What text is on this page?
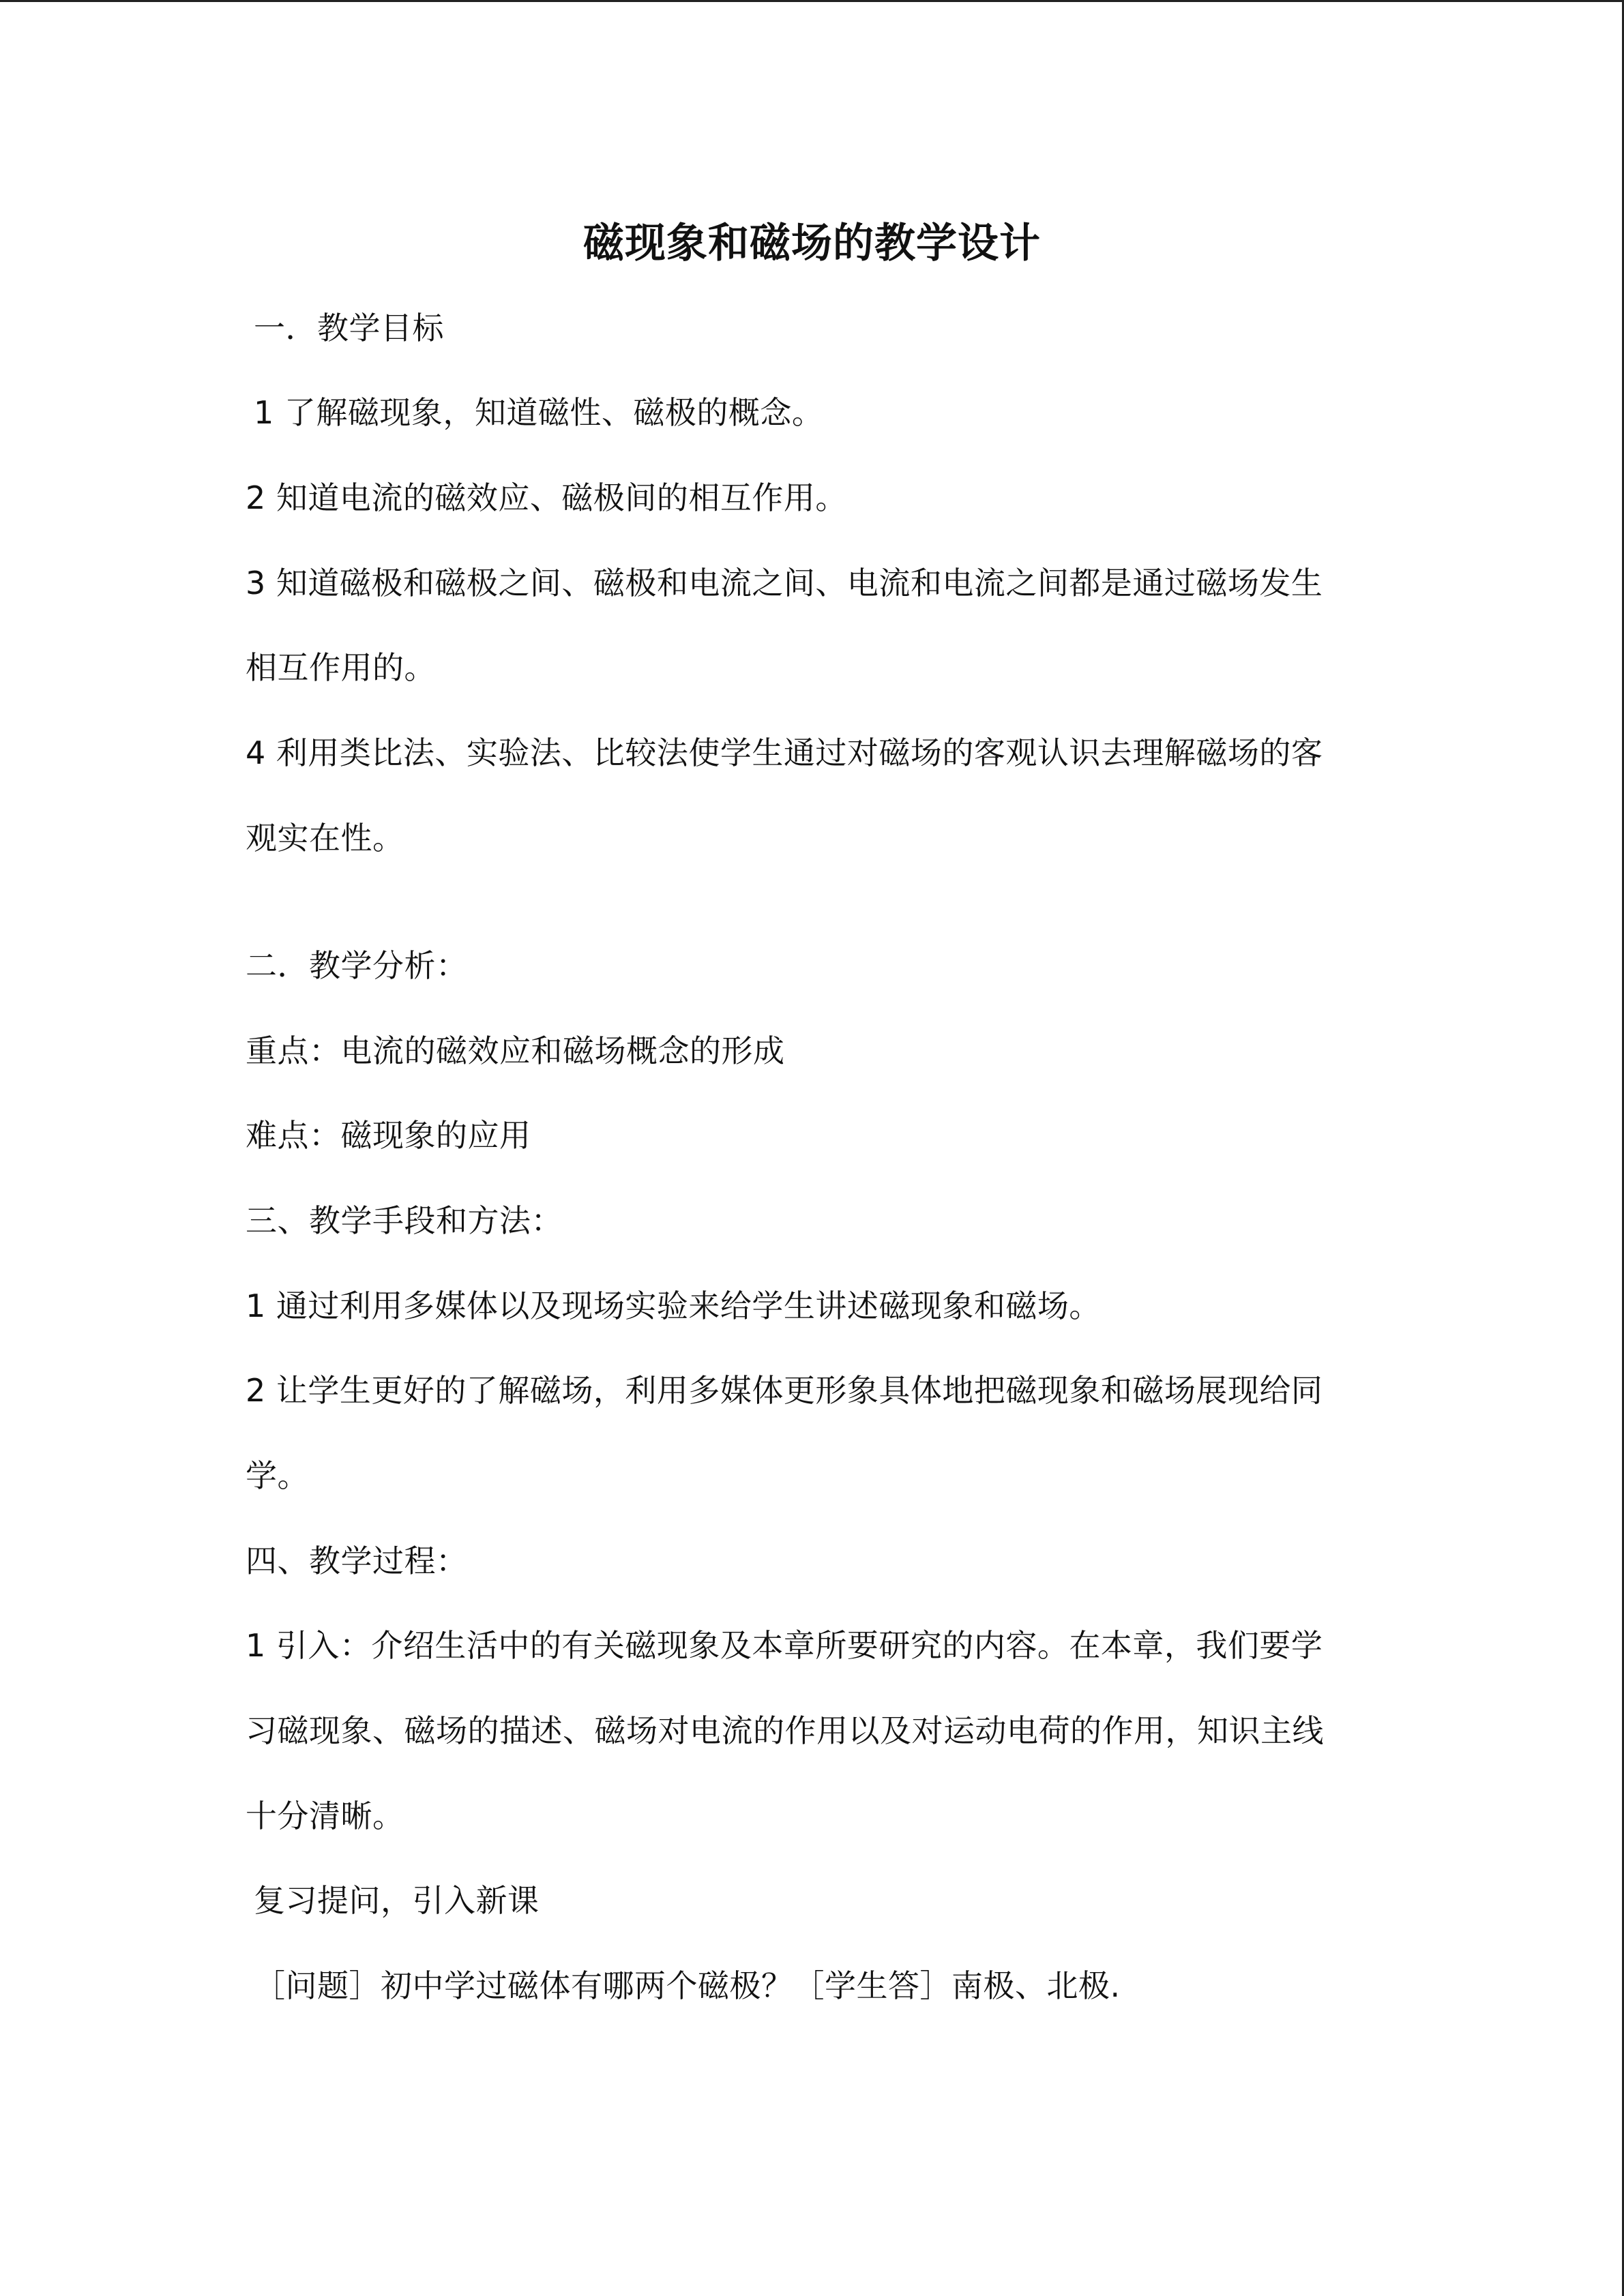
磁现象和磁场的教学设计
一．教学目标
1 了解磁现象，知道磁性、磁极的概念。
2 知道电流的磁效应、磁极间的相互作用。
3 知道磁极和磁极之间、磁极和电流之间、电流和电流之间都是通过磁场发生
相互作用的。
4 利用类比法、实验法、比较法使学生通过对磁场的客观认识去理解磁场的客
观实在性。
二．教学分析：
重点：电流的磁效应和磁场概念的形成
难点：磁现象的应用
三、教学手段和方法：
1 通过利用多媒体以及现场实验来给学生讲述磁现象和磁场。
2 让学生更好的了解磁场，利用多媒体更形象具体地把磁现象和磁场展现给同
学。
四、教学过程：
1 引入：介绍生活中的有关磁现象及本章所要研究的内容。在本章，我们要学
习磁现象、磁场的描述、磁场对电流的作用以及对运动电荷的作用，知识主线
十分清晰。
复习提问，引入新课
［问题］初中学过磁体有哪两个磁极？［学生答］南极、北极.
